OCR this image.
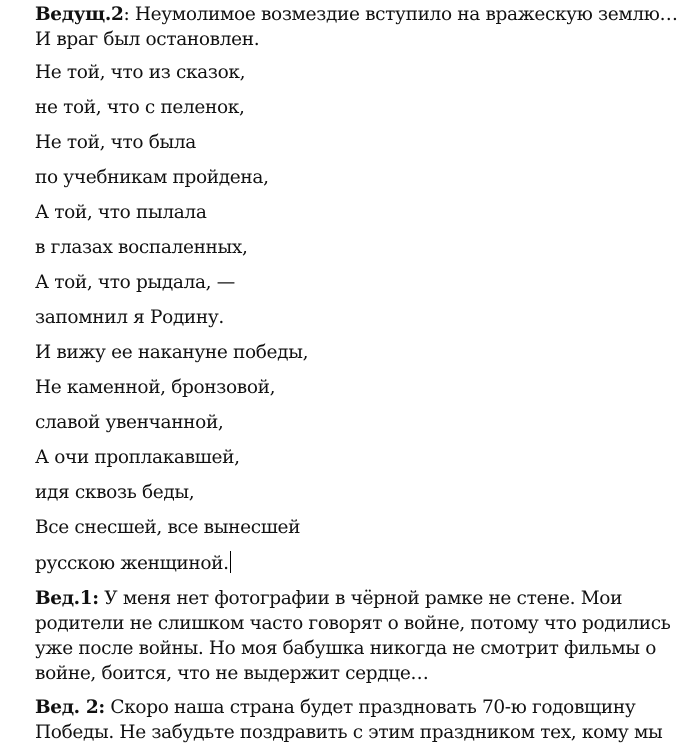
Ведущ.2: Неумолимое возмездие вступило на вражескую землю…
И враг был остановлен.
Не той, что из сказок,
не той, что с пеленок,
Не той, что была
по учебникам пройдена,
А той, что пылала
в глазах воспаленных,
А той, что рыдала, —
запомнил я Родину.
И вижу ее накануне победы,
Не каменной, бронзовой,
славой увенчанной,
А очи проплакавшей,
идя сквозь беды,
Все снесшей, все вынесшей
русскою женщиной.
Вед.1: У меня нет фотографии в чёрной рамке не стене. Мои родители не слишком часто говорят о войне, потому что родились уже после войны. Но моя бабушка никогда не смотрит фильмы о войне, боится, что не выдержит сердце…
Вед. 2: Скоро наша страна будет праздновать 70-ю годовщину Победы. Не забудьте поздравить с этим праздником тех, кому мы
